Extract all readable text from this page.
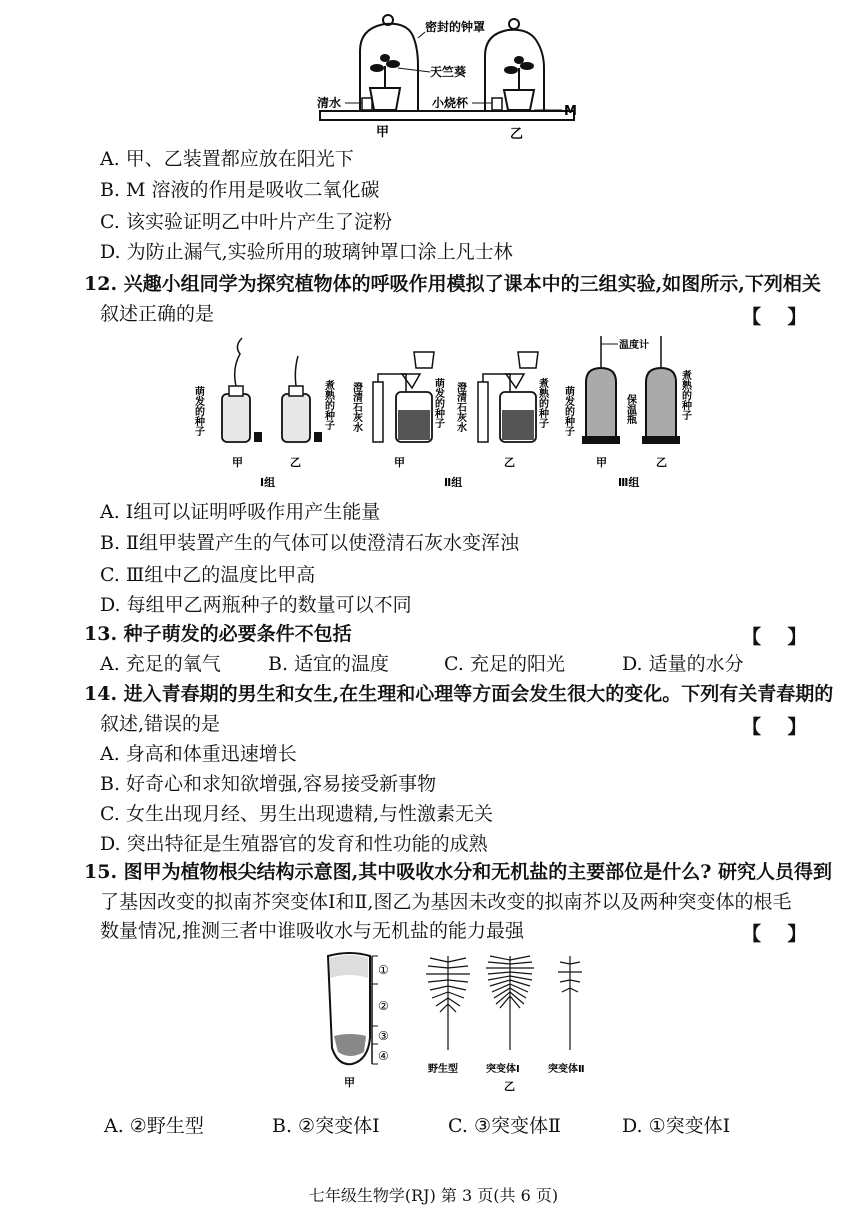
密封的钟罩
天竺葵
清水	小烧杯
M
甲	乙
A. 甲、乙装置都应放在阳光下
B. M 溶液的作用是吸收二氧化碳
C. 该实验证明乙中叶片产生了淀粉
D. 为防止漏气,实验所用的玻璃钟罩口涂上凡士林
12. 兴趣小组同学为探究植物体的呼吸作用模拟了课本中的三组实验,如图所示,下列相关
叙述正确的是	【    】
萌发的种子	煮熟的种子
甲	乙
Ⅰ组
澄清石灰水	萌发的种子
甲
Ⅱ组
澄清石灰水	煮熟的种子
乙
温度计
萌发的种子	保温瓶	煮熟的种子
甲	乙
Ⅲ组
A. Ⅰ组可以证明呼吸作用产生能量
B. Ⅱ组甲装置产生的气体可以使澄清石灰水变浑浊
C. Ⅲ组中乙的温度比甲高
D. 每组甲乙两瓶种子的数量可以不同
13. 种子萌发的必要条件不包括	【    】
A. 充足的氧气 B. 适宜的温度	C. 充足的阳光	D. 适量的水分
14. 进入青春期的男生和女生,在生理和心理等方面会发生很大的变化。下列有关青春期的
叙述,错误的是	【    】
A. 身高和体重迅速增长
B. 好奇心和求知欲增强,容易接受新事物
C. 女生出现月经、男生出现遗精,与性激素无关
D. 突出特征是生殖器官的发育和性功能的成熟
15. 图甲为植物根尖结构示意图,其中吸收水分和无机盐的主要部位是什么? 研究人员得到
了基因改变的拟南芥突变体Ⅰ和Ⅱ,图乙为基因未改变的拟南芥以及两种突变体的根毛
数量情况,推测三者中谁吸收水与无机盐的能力最强	【    】
①
②
③
④
甲
野生型	突变体Ⅰ	突变体Ⅱ
乙
A. ②野生型	B. ②突变体Ⅰ	C. ③突变体Ⅱ	D. ①突变体Ⅰ
七年级生物学(RJ) 第 3 页(共 6 页)
